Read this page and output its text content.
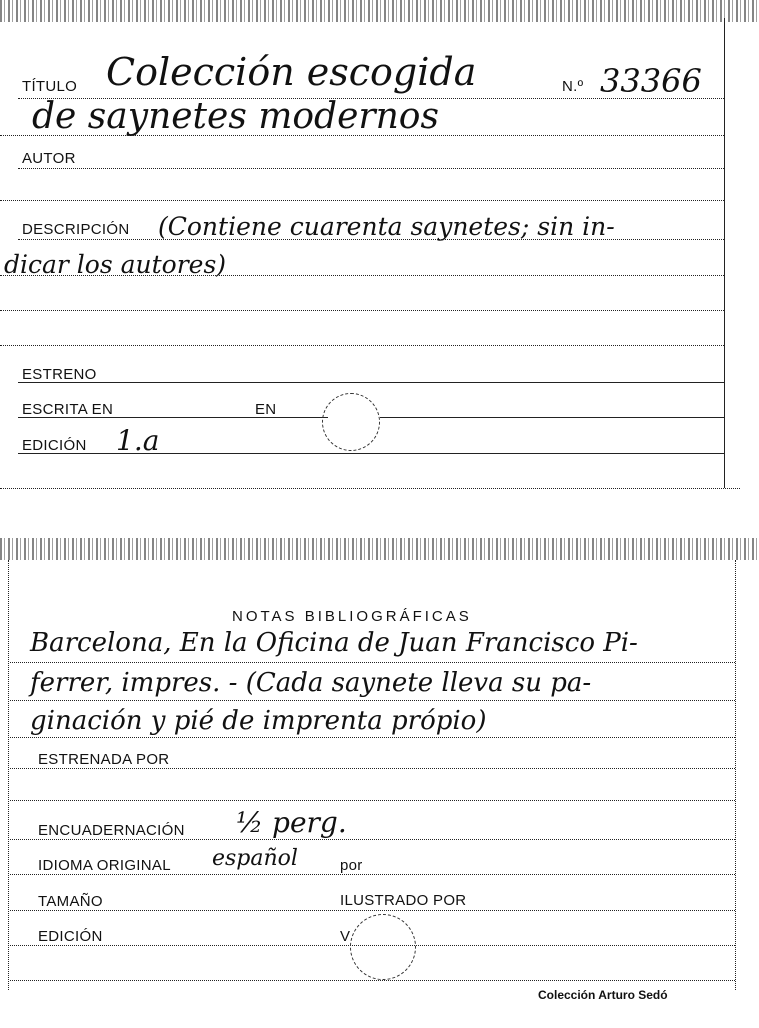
TÍTULO Colección escogida	N.º 33366
de saynetes modernos
AUTOR
DESCRIPCIÓN (Contiene cuarenta saynetes; sin in-
dicar los autores)
ESTRENO
ESCRITA EN	EN
EDICIÓN 1.a
NOTAS BIBLIOGRÁFICAS
Barcelona, En la Oficina de Juan Francisco Pi-
ferrer, impres. - (Cada saynete lleva su pa-
ginación y pié de imprenta própio)
ESTRENADA POR
ENCUADERNACIÓN ½ perg.
IDIOMA ORIGINAL español	por
TAMAÑO	ILUSTRADO POR
EDICIÓN	V
Colección Arturo Sedó
